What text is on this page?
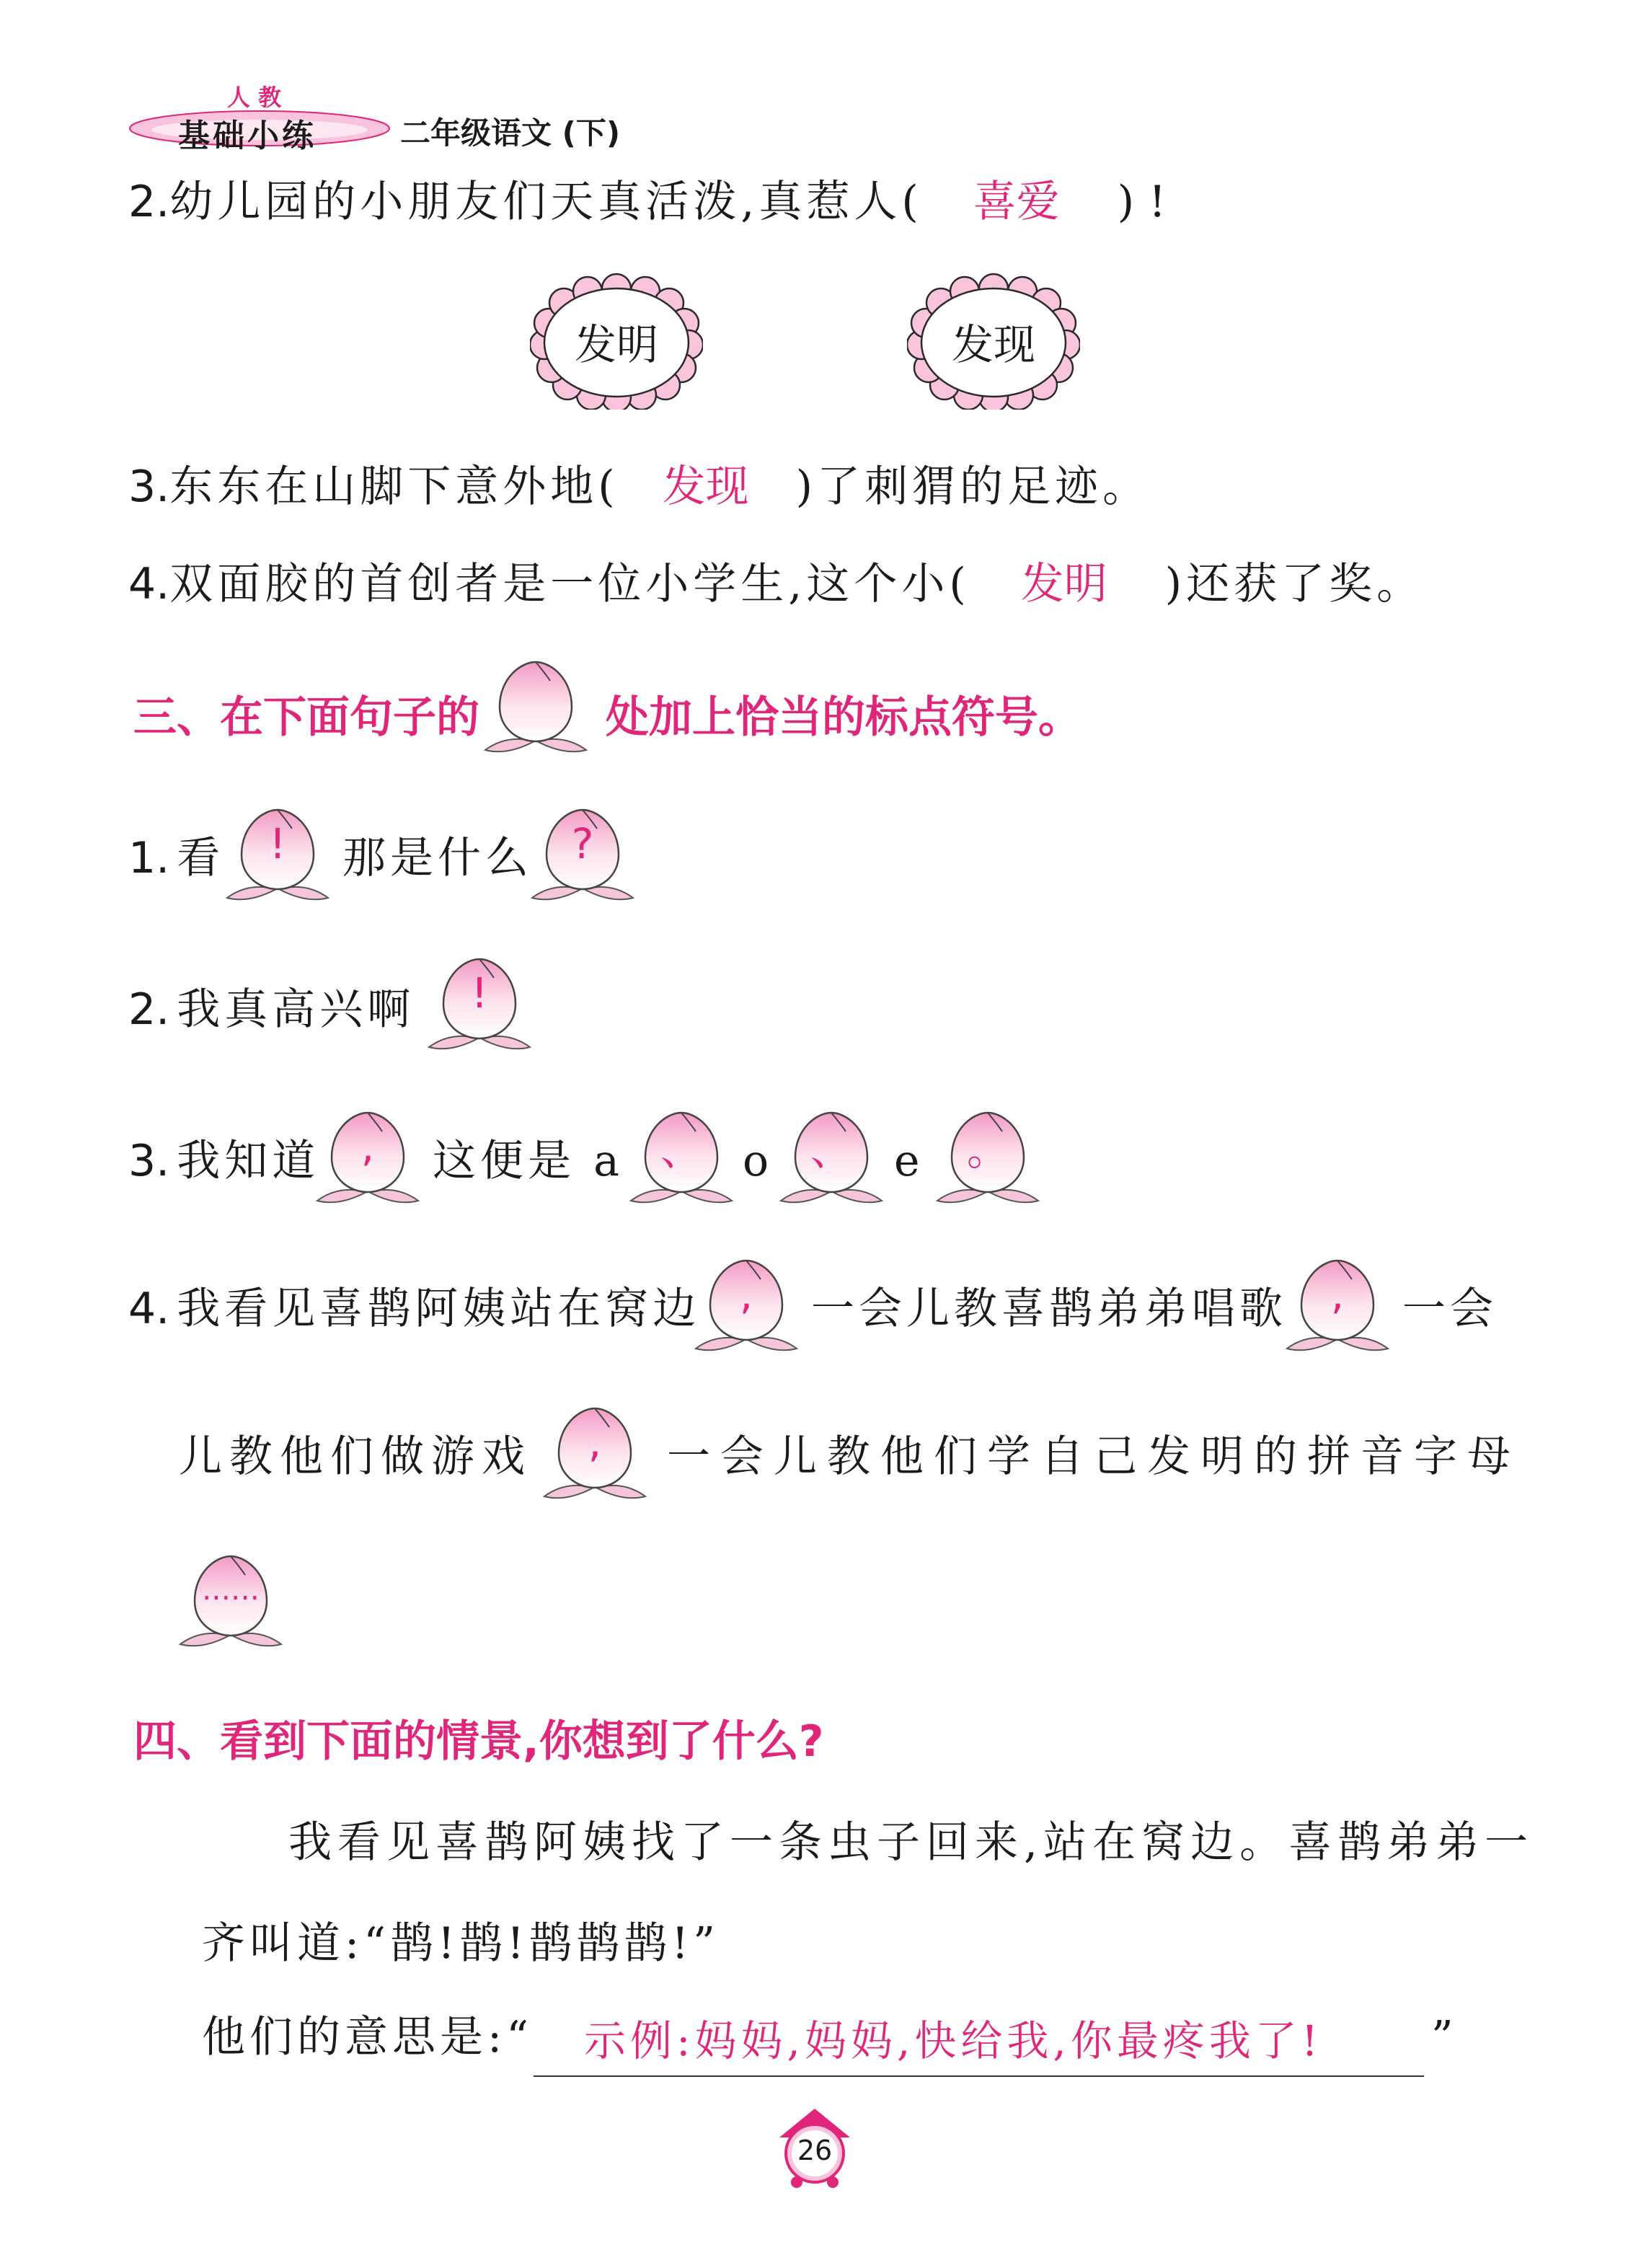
人 教
基础小练	二年级语文 (下)
2. 幼儿园的小朋友们天真活泼,真惹人( 喜爱 )!
发明	发现
3. 东东在山脚下意外地( 发现 )了刺猬的足迹。
4. 双面胶的首创者是一位小学生,这个小( 发明 )还获了奖。
三、在下面句子的	处加上恰当的标点符号。
1. 看	!	那是什么 ?
2. 我真高兴啊	!
3. 我知道 ,	这便是 a 、 o 、 e	。
4. 我看见喜鹊阿姨站在窝边 ,	一会儿教喜鹊弟弟唱歌	,	一会
儿教他们做游戏	,	一会儿教他们学自己发明的拼音字母
……
四、看到下面的情景,你想到了什么?
我看见喜鹊阿姨找了一条虫子回来,站在窝边。喜鹊弟弟一
齐叫道:“鹊!鹊!鹊鹊鹊!”
他们的意思是:“ 示例:妈妈,妈妈,快给我,你最疼我了!	”
26
